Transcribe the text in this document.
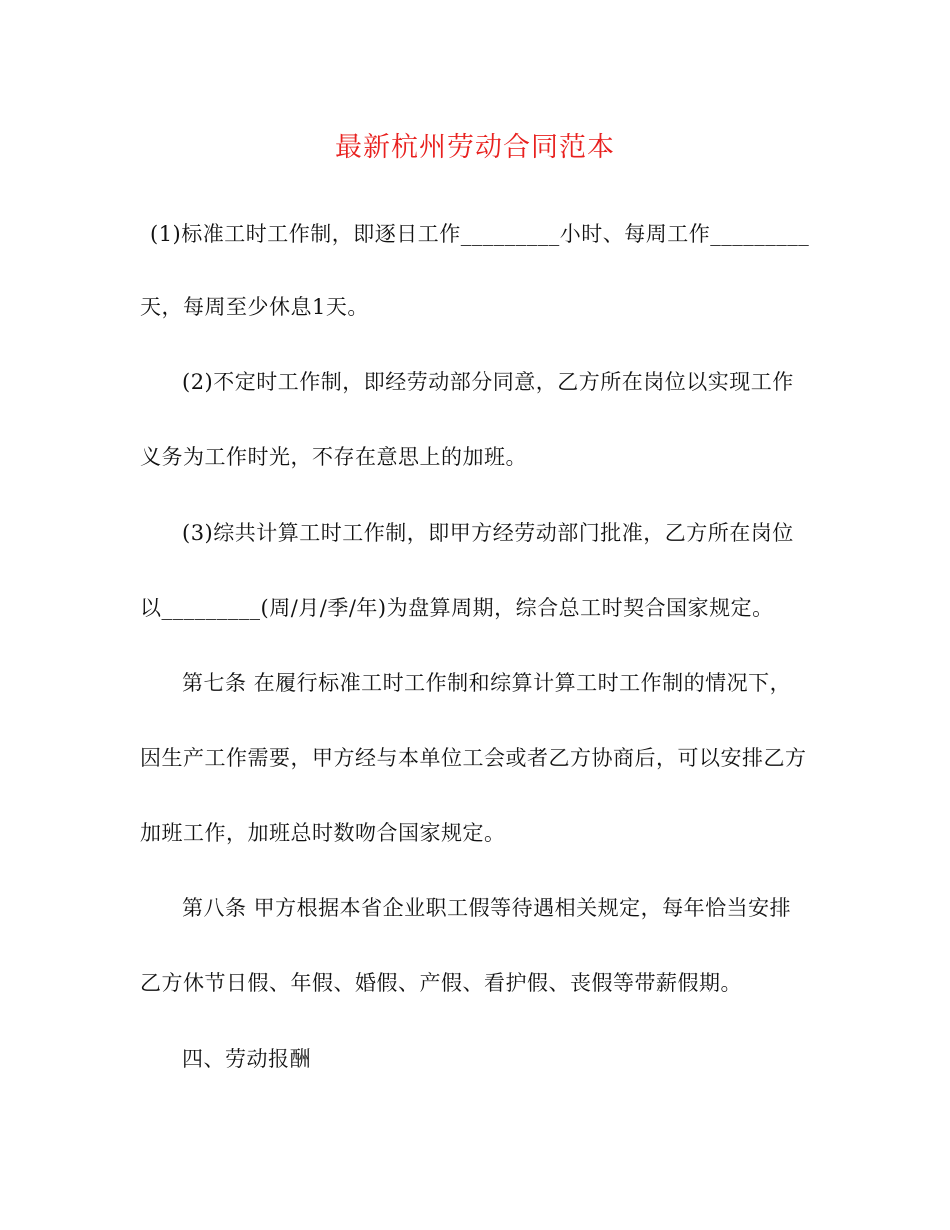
最新杭州劳动合同范本
(1)标准工时工作制，即逐日工作_________小时、每周工作_________
天，每周至少休息1天。
(2)不定时工作制，即经劳动部分同意，乙方所在岗位以实现工作
义务为工作时光，不存在意思上的加班。
(3)综共计算工时工作制，即甲方经劳动部门批准，乙方所在岗位
以_________(周/月/季/年)为盘算周期，综合总工时契合国家规定。
第七条 在履行标准工时工作制和综算计算工时工作制的情况下，
因生产工作需要，甲方经与本单位工会或者乙方协商后，可以安排乙方
加班工作，加班总时数吻合国家规定。
第八条 甲方根据本省企业职工假等待遇相关规定，每年恰当安排
乙方休节日假、年假、婚假、产假、看护假、丧假等带薪假期。
四、劳动报酬
